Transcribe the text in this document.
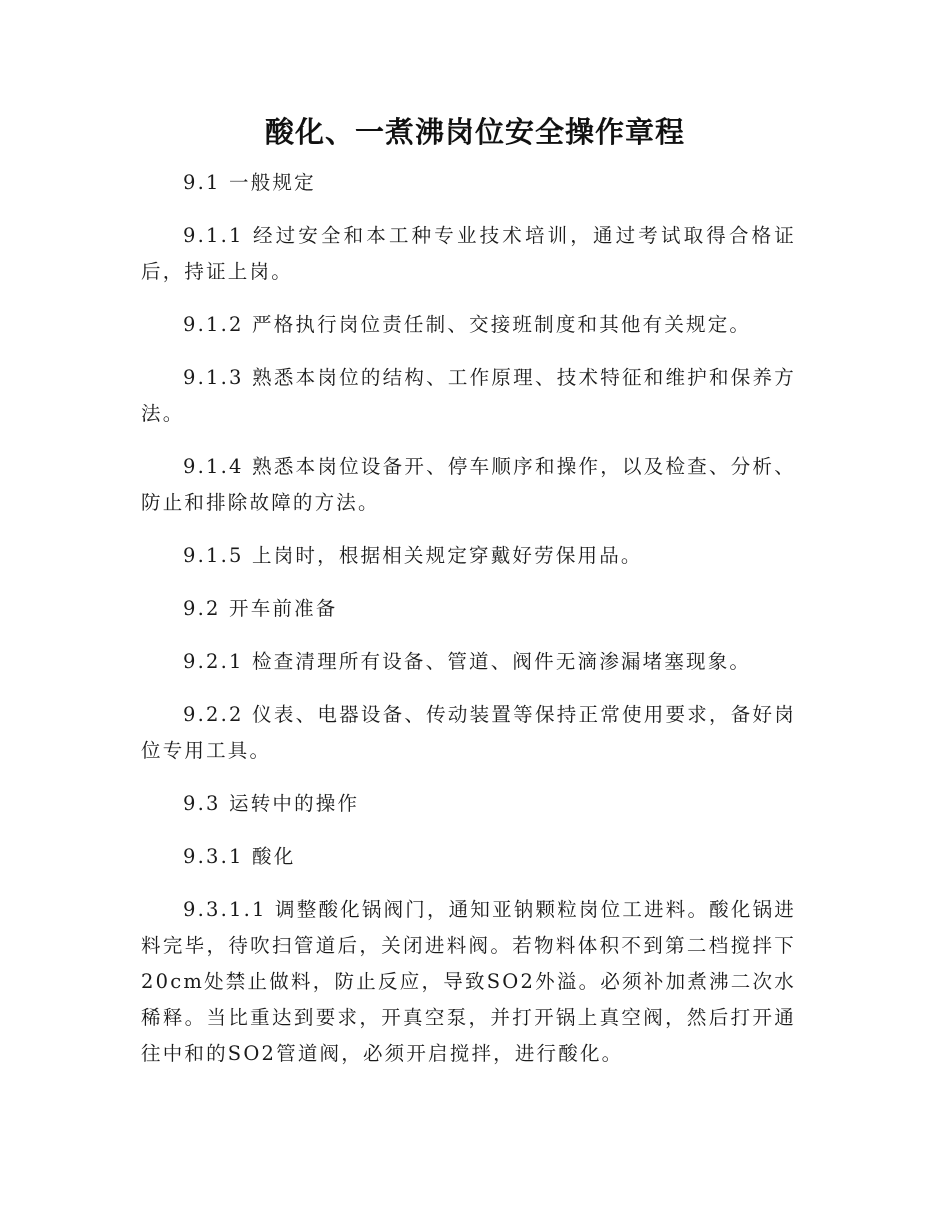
酸化、一煮沸岗位安全操作章程

9.1 一般规定

9.1.1 经过安全和本工种专业技术培训，通过考试取得合格证后，持证上岗。

9.1.2 严格执行岗位责任制、交接班制度和其他有关规定。

9.1.3 熟悉本岗位的结构、工作原理、技术特征和维护和保养方法。

9.1.4 熟悉本岗位设备开、停车顺序和操作，以及检查、分析、防止和排除故障的方法。

9.1.5 上岗时，根据相关规定穿戴好劳保用品。

9.2 开车前准备

9.2.1 检查清理所有设备、管道、阀件无滴渗漏堵塞现象。

9.2.2 仪表、电器设备、传动装置等保持正常使用要求，备好岗位专用工具。

9.3 运转中的操作

9.3.1 酸化

9.3.1.1 调整酸化锅阀门，通知亚钠颗粒岗位工进料。酸化锅进料完毕，待吹扫管道后，关闭进料阀。若物料体积不到第二档搅拌下20cm处禁止做料，防止反应，导致SO2外溢。必须补加煮沸二次水稀释。当比重达到要求，开真空泵，并打开锅上真空阀，然后打开通往中和的SO2管道阀，必须开启搅拌，进行酸化。
